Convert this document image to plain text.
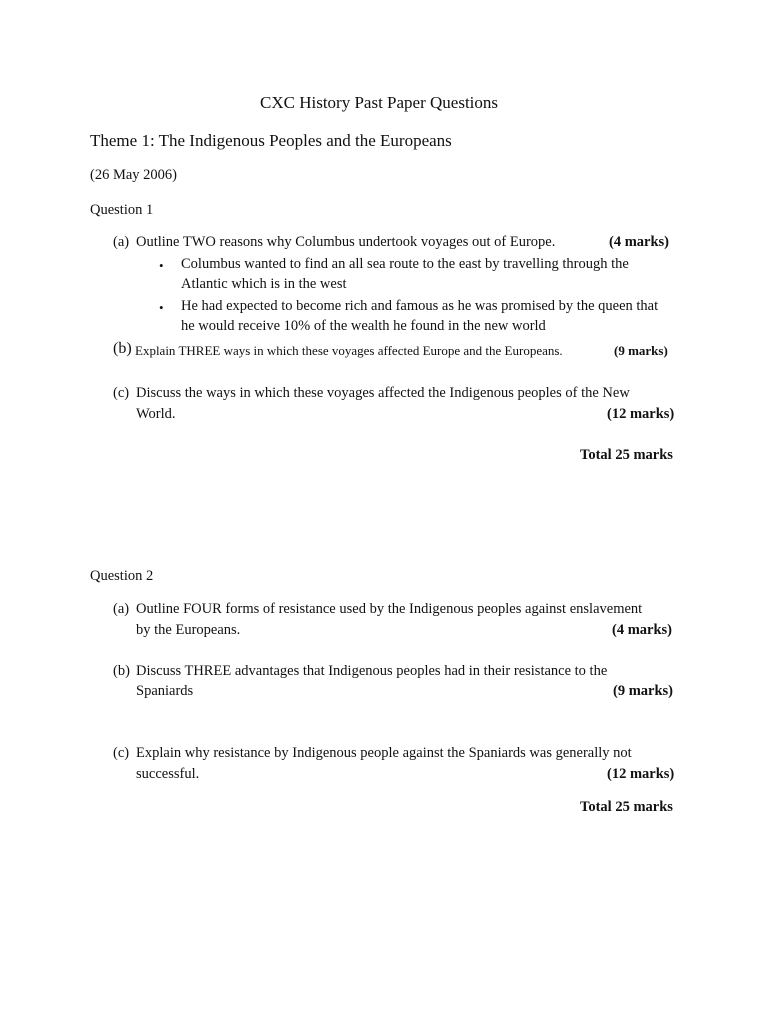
CXC History Past Paper Questions
Theme 1: The Indigenous Peoples and the Europeans
(26 May 2006)
Question 1
(a) Outline TWO reasons why Columbus undertook voyages out of Europe.	(4 marks)
• Columbus wanted to find an all sea route to the east by travelling through the
Atlantic which is in the west
• He had expected to become rich and famous as he was promised by the queen that
he would receive 10% of the wealth he found in the new world
(b) Explain THREE ways in which these voyages affected Europe and the Europeans.	(9 marks)
(c) Discuss the ways in which these voyages affected the Indigenous peoples of the New
World.	(12 marks)
Total 25 marks
Question 2
(a) Outline FOUR forms of resistance used by the Indigenous peoples against enslavement
by the Europeans.	(4 marks)
(b) Discuss THREE advantages that Indigenous peoples had in their resistance to the
Spaniards	(9 marks)
(c) Explain why resistance by Indigenous people against the Spaniards was generally not
successful.	(12 marks)
Total 25 marks
